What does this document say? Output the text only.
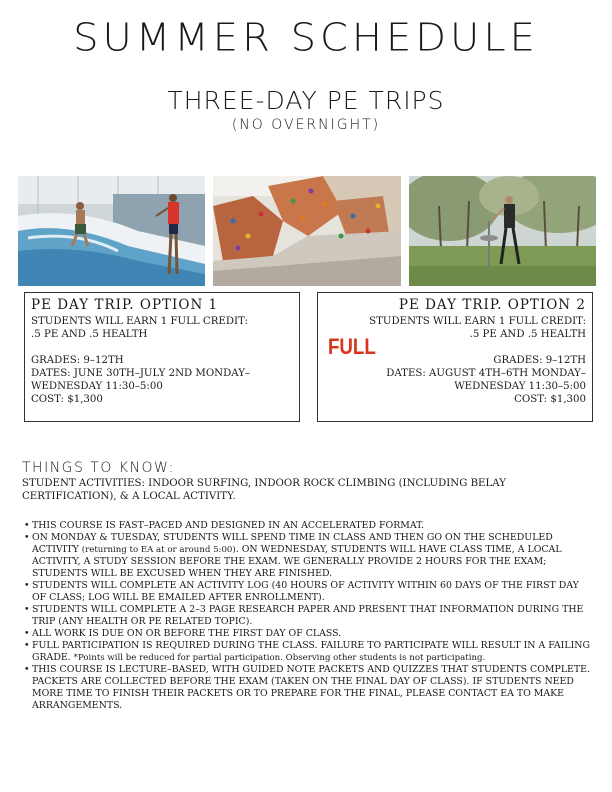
SUMMER SCHEDULE
THREE-DAY PE TRIPS
(NO OVERNIGHT)
PE DAY TRIP. OPTION 1
STUDENTS WILL EARN 1 FULL CREDIT:
.5 PE AND .5 HEALTH
GRADES: 9–12TH
DATES: JUNE 30TH–JULY 2ND MONDAY–
WEDNESDAY 11:30–5:00
COST: $1,300
PE DAY TRIP. OPTION 2
STUDENTS WILL EARN 1 FULL CREDIT:
.5 PE AND .5 HEALTH
GRADES: 9–12TH
DATES: AUGUST 4TH–6TH MONDAY–
WEDNESDAY 11:30–5:00
COST: $1,300
FULL
THINGS TO KNOW:
STUDENT ACTIVITIES: INDOOR SURFING, INDOOR ROCK CLIMBING (INCLUDING BELAY CERTIFICATION), & A LOCAL ACTIVITY.
• THIS COURSE IS FAST–PACED AND DESIGNED IN AN ACCELERATED FORMAT.
• ON MONDAY & TUESDAY, STUDENTS WILL SPEND TIME IN CLASS AND THEN GO ON THE SCHEDULED ACTIVITY (returning to EA at or around 5:00). ON WEDNESDAY, STUDENTS WILL HAVE CLASS TIME, A LOCAL ACTIVITY, A STUDY SESSION BEFORE THE EXAM. WE GENERALLY PROVIDE 2 HOURS FOR THE EXAM; STUDENTS WILL BE EXCUSED WHEN THEY ARE FINISHED.
• STUDENTS WILL COMPLETE AN ACTIVITY LOG (40 HOURS OF ACTIVITY WITHIN 60 DAYS OF THE FIRST DAY OF CLASS; LOG WILL BE EMAILED AFTER ENROLLMENT).
• STUDENTS WILL COMPLETE A 2–3 PAGE RESEARCH PAPER AND PRESENT THAT INFORMATION DURING THE TRIP (ANY HEALTH OR PE RELATED TOPIC).
• ALL WORK IS DUE ON OR BEFORE THE FIRST DAY OF CLASS.
• FULL PARTICIPATION IS REQUIRED DURING THE CLASS. FAILURE TO PARTICIPATE WILL RESULT IN A FAILING GRADE. *Points will be reduced for partial participation. Observing other students is not participating.
• THIS COURSE IS LECTURE–BASED, WITH GUIDED NOTE PACKETS AND QUIZZES THAT STUDENTS COMPLETE. PACKETS ARE COLLECTED BEFORE THE EXAM (TAKEN ON THE FINAL DAY OF CLASS). IF STUDENTS NEED MORE TIME TO FINISH THEIR PACKETS OR TO PREPARE FOR THE FINAL, PLEASE CONTACT EA TO MAKE ARRANGEMENTS.
